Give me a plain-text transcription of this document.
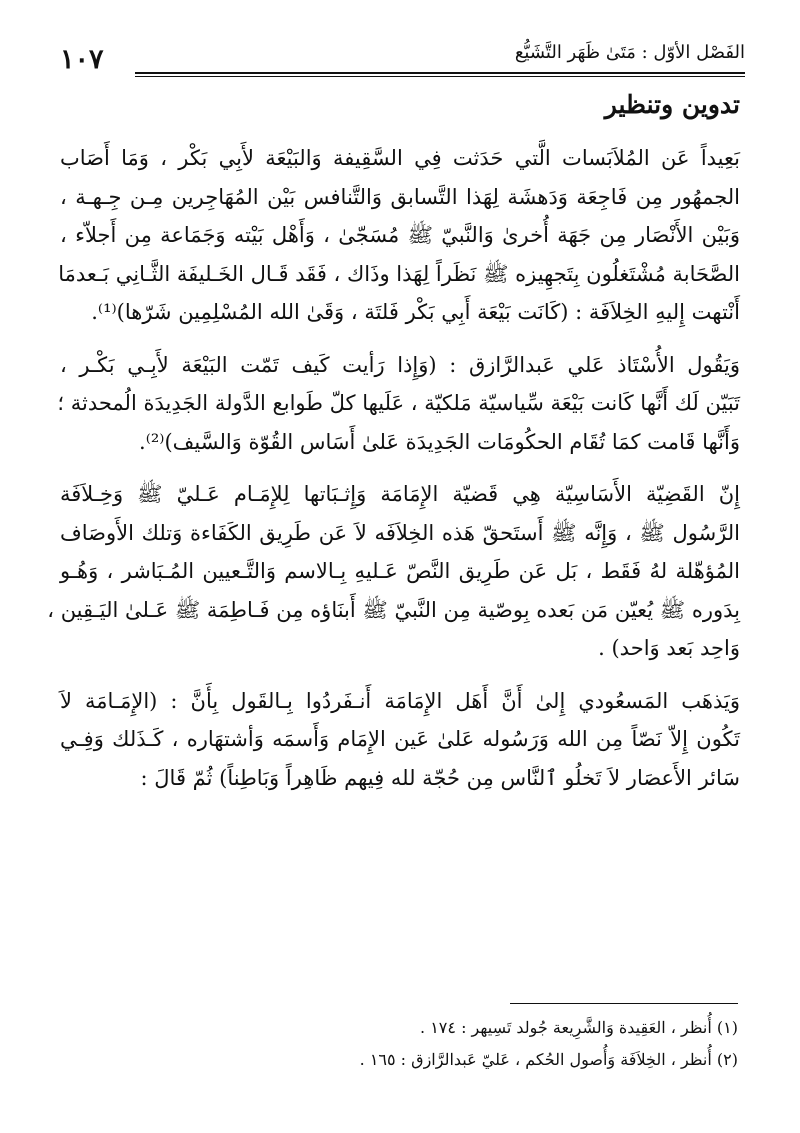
١٠٧	الفَصْل الأوّل : مَتَىٰ ظَهَر التَّشَيُّع
تدوين وتنظير
بَعِيداً عَن المُلاَبَسات الَّتي حَدَثت فِي السَّقِيفة وَالبَيْعَة لأَبِي بَكْر ، وَمَا أَصَاب
الجمهُور مِن فَاجِعَة وَدَهشَة لِهَذا التَّسابق وَالتَّنافس بَيْن المُهَاجِرين مِـن جِـهـة ،
وَبَيْن الأَنْصَار مِن جَهَة أُخرىٰ وَالنَّبيّ ﷺ مُسَجّىٰ ، وَأَهْل بَيْته وَجَمَاعة مِن أَجلاّء ،
الصَّحَابة مُشْتَغلُون بِتَجهِيزه ﷺ نَظَراً لِهَذا وذَاك ، فَقَد قَـال الخَـليفَة الثَّـانِي بَـعدمَا
أَنْتهت إِليهِ الخِلاَفَة : (كَانَت بَيْعَة أَبِي بَكْر فَلتَة ، وَقَىٰ الله المُسْلِمِين شَرّها)⁽¹⁾.
وَيَقُول الأُسْتَاذ عَلي عَبدالرَّازق : (وَإِذا رَأيت كَيف تَمّت البَيْعَة لأَبِـي بَكْـر ،
تَبَيّن لَك أَنَّها كَانت بَيْعَة سِّياسيّة مَلكيّة ، عَلَيها كلّ طَوابع الدَّولة الجَدِيدَة الُمحدثة ؛
وَأَنَّها قَامت كمَا تُقَام الحكُومَات الجَدِيدَة عَلىٰ أَسَاس القُوّة وَالسَّيف)⁽²⁾.
إِنّ القَضِيّة الأَسَاسِيّة هِي قَضيّة الإِمَامَة وَإِثـبَاتها لِلإِمَـام عَـليّ ﷺ وَخِـلاَفَة
الرَّسُول ﷺ ، وَإِنَّه ﷺ أَستَحقّ هَذه الخِلاَفَه لاَ عَن طَرِيق الكَفَاءة وَتلك الأَوصَاف
المُؤهّلة لهُ فَقَط ، بَل عَن طَرِيق النَّصّ عَـليهِ بِـالاسم وَالتَّـعيين المُـبَاشر ، وَهُـو
بِدَوره ﷺ يُعيّن مَن بَعده بِوصّية مِن النَّبيّ ﷺ أَبنَاؤه مِن فَـاطِمَة ﷺ عَـلىٰ اليَـقِين ،
وَاحِد بَعد وَاحد) .
وَيَذهَب المَسعُودي إِلىٰ أَنَّ أَهَل الإِمَامَة أَنـفَردُوا بِـالقَول بِأَنَّ : (الإِمَـامَة لاَ
تَكُون إِلاّ نَصّاً مِن الله وَرَسُوله عَلىٰ عَين الإِمَام وَأَسمَه وَأشتهَاره ، كَـذَلك وَفِـي
سَائر الأَعصَار لاَ تَخلُو ٱلنَّاس مِن حُجّة لله فِيهم ظَاهِراً وَبَاطِناً) ثُمّ قَالَ :
(١) أُنظر ، العَقِيدة وَالشَّرِيعة جُولد تَسِيهر : ١٧٤ .
(٢) أُنظر ، الخِلاَفَة وَأُصول الحُكم ، عَليّ عَبدالرَّازق : ١٦٥ .
